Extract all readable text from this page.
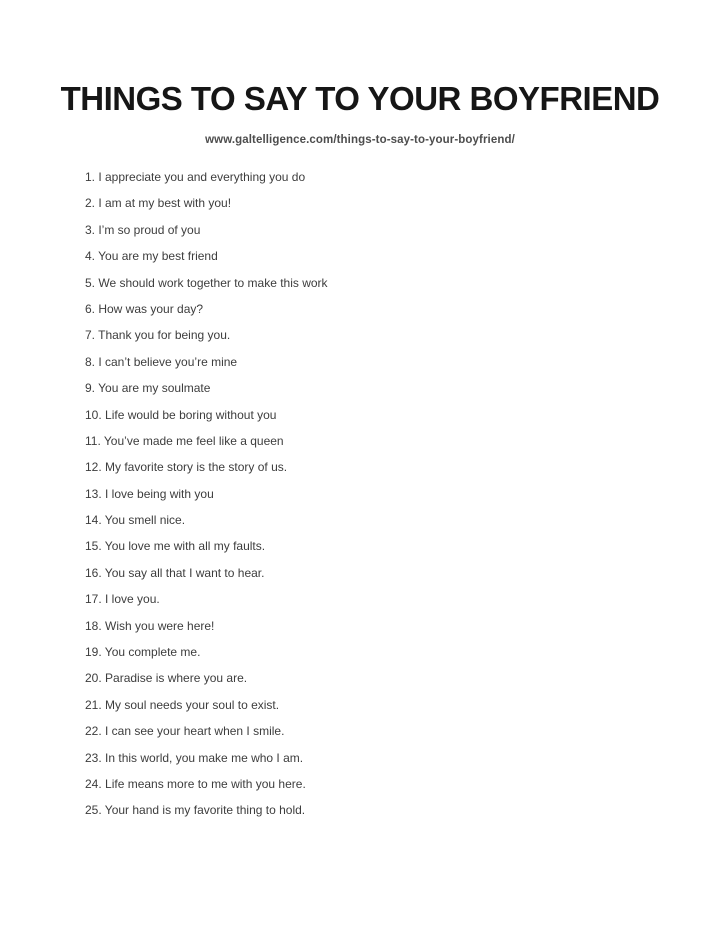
THINGS TO SAY TO YOUR BOYFRIEND
www.galtelligence.com/things-to-say-to-your-boyfriend/
1. I appreciate you and everything you do
2. I am at my best with you!
3. I’m so proud of you
4. You are my best friend
5. We should work together to make this work
6. How was your day?
7. Thank you for being you.
8. I can’t believe you’re mine
9. You are my soulmate
10. Life would be boring without you
11. You’ve made me feel like a queen
12. My favorite story is the story of us.
13. I love being with you
14. You smell nice.
15. You love me with all my faults.
16. You say all that I want to hear.
17. I love you.
18. Wish you were here!
19. You complete me.
20. Paradise is where you are.
21. My soul needs your soul to exist.
22. I can see your heart when I smile.
23. In this world, you make me who I am.
24. Life means more to me with you here.
25. Your hand is my favorite thing to hold.
